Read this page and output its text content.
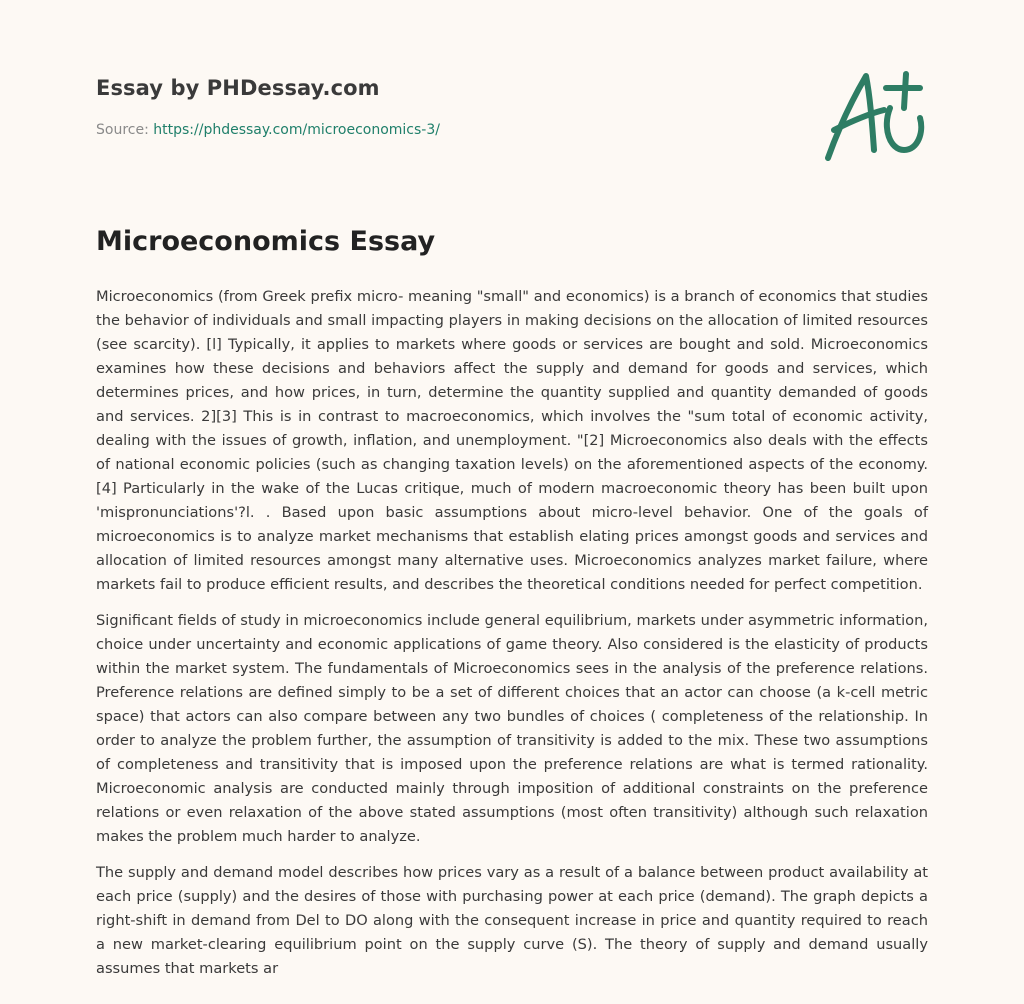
Essay by PHDessay.com
Source: https://phdessay.com/microeconomics-3/
Microeconomics Essay

Microeconomics (from Greek prefix micro- meaning "small" and economics) is a branch of economics that studies the behavior of individuals and small impacting players in making decisions on the allocation of limited resources (see scarcity). [l] Typically, it applies to markets where goods or services are bought and sold. Microeconomics examines how these decisions and behaviors affect the supply and demand for goods and services, which determines prices, and how prices, in turn, determine the quantity supplied and quantity demanded of goods and services. 2][3] This is in contrast to macroeconomics, which involves the "sum total of economic activity, dealing with the issues of growth, inflation, and unemployment. "[2] Microeconomics also deals with the effects of national economic policies (such as changing taxation levels) on the aforementioned aspects of the economy. [4] Particularly in the wake of the Lucas critique, much of modern macroeconomic theory has been built upon 'mispronunciations'?l. . Based upon basic assumptions about micro-level behavior. One of the goals of microeconomics is to analyze market mechanisms that establish elating prices amongst goods and services and allocation of limited resources amongst many alternative uses. Microeconomics analyzes market failure, where markets fail to produce efficient results, and describes the theoretical conditions needed for perfect competition.

Significant fields of study in microeconomics include general equilibrium, markets under asymmetric information, choice under uncertainty and economic applications of game theory. Also considered is the elasticity of products within the market system. The fundamentals of Microeconomics sees in the analysis of the preference relations. Preference relations are defined simply to be a set of different choices that an actor can choose (a k-cell metric space) that actors can also compare between any two bundles of choices ( completeness of the relationship. In order to analyze the problem further, the assumption of transitivity is added to the mix. These two assumptions of completeness and transitivity that is imposed upon the preference relations are what is termed rationality. Microeconomic analysis are conducted mainly through imposition of additional constraints on the preference relations or even relaxation of the above stated assumptions (most often transitivity) although such relaxation makes the problem much harder to analyze.

The supply and demand model describes how prices vary as a result of a balance between product availability at each price (supply) and the desires of those with purchasing power at each price (demand). The graph depicts a right-shift in demand from Del to DO along with the consequent increase in price and quantity required to reach a new market-clearing equilibrium point on the supply curve (S). The theory of supply and demand usually assumes that markets ar
